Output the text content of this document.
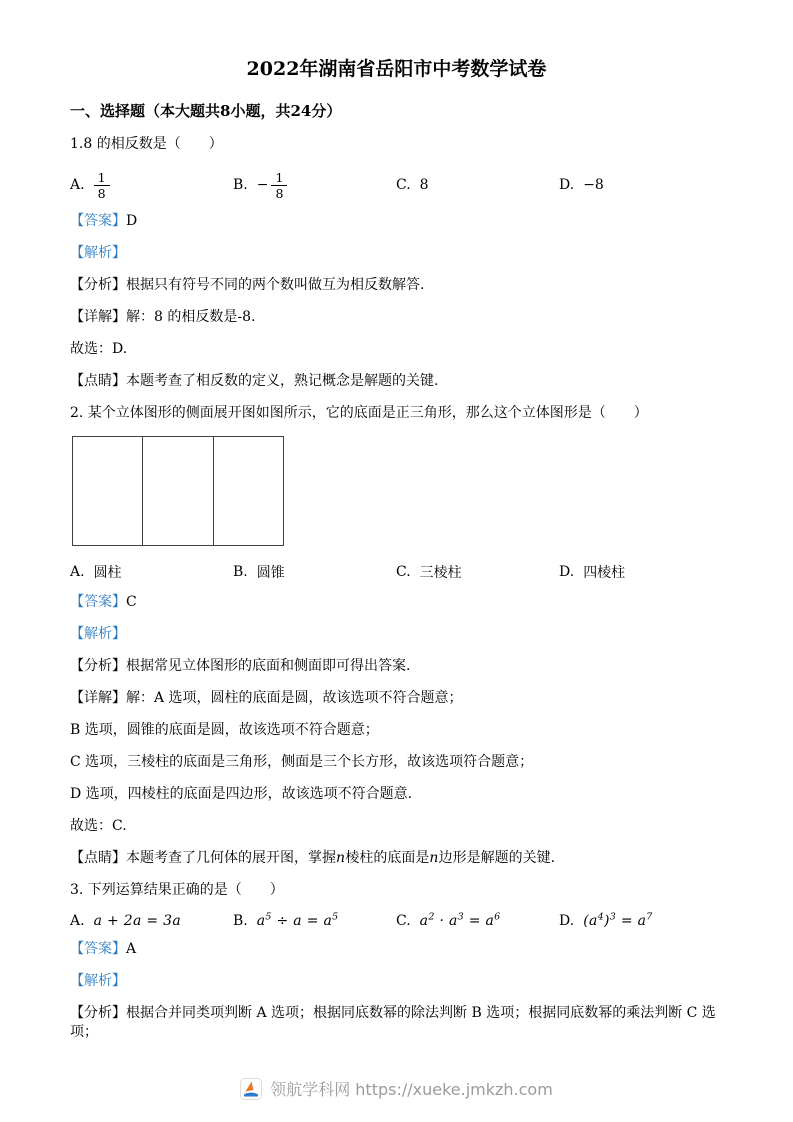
2022年湖南省岳阳市中考数学试卷
一、选择题（本大题共8小题，共24分）

1.8 的相反数是（　　）

A. $\frac{1}{8}$	B. − $\frac{1}{8}$	C. 8	D. −8

【答案】D

【解析】

【分析】根据只有符号不同的两个数叫做互为相反数解答.

【详解】解：8 的相反数是-8.

故选：D.

【点睛】本题考查了相反数的定义，熟记概念是解题的关键.

2. 某个立体图形的侧面展开图如图所示，它的底面是正三角形，那么这个立体图形是（　　）

A. 圆柱	B. 圆锥	C. 三棱柱	D. 四棱柱

【答案】C

【解析】

【分析】根据常见立体图形的底面和侧面即可得出答案.

【详解】解：A 选项，圆柱的底面是圆，故该选项不符合题意；

B 选项，圆锥的底面是圆，故该选项不符合题意；

C 选项，三棱柱的底面是三角形，侧面是三个长方形，故该选项符合题意；

D 选项，四棱柱的底面是四边形，故该选项不符合题意.

故选：C.

【点睛】本题考查了几何体的展开图，掌握n棱柱的底面是n边形是解题的关键.

3. 下列运算结果正确的是（　　）

A. a + 2a = 3a	B. $a^5 \div a = a^5$	C. $a^2 \cdot a^3 = a^6$	D. $(a^4)^3 = a^7$

【答案】A

【解析】

【分析】根据合并同类项判断 A 选项；根据同底数幂的除法判断 B 选项；根据同底数幂的乘法判断 C 选项；

领航学科网 https://xueke.jmkzh.com
